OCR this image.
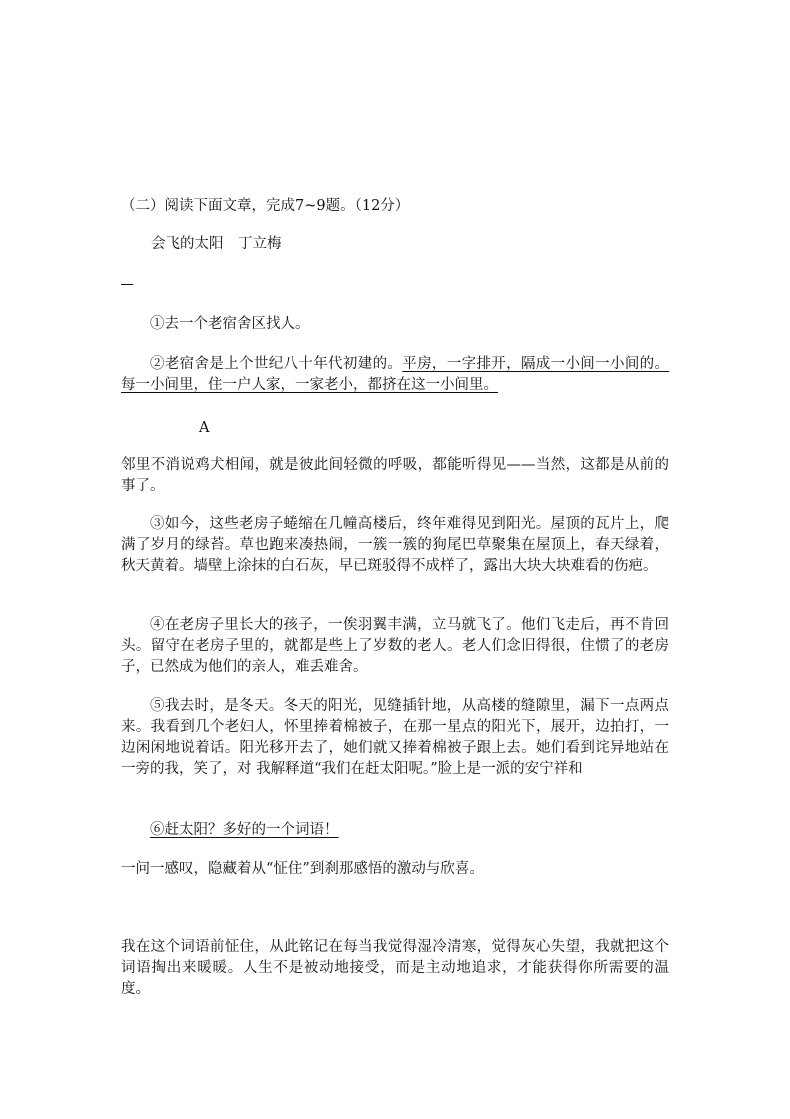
（二）阅读下面文章，完成7~9题。（12分）
会飞的太阳　丁立梅
①去一个老宿舍区找人。
②老宿舍是上个世纪八十年代初建的。平房，一字排开，隔成一小间一小间的。每一小间里，住一户人家，一家老小，都挤在这一小间里。
A
邻里不消说鸡犬相闻，就是彼此间轻微的呼吸，都能听得见——当然，这都是从前的事了。
③如今，这些老房子蜷缩在几幢高楼后，终年难得见到阳光。屋顶的瓦片上，爬满了岁月的绿苔。草也跑来凑热闹，一簇一簇的狗尾巴草聚集在屋顶上，春天绿着，秋天黄着。墙壁上涂抹的白石灰，早已斑驳得不成样了，露出大块大块难看的伤疤。
④在老房子里长大的孩子，一俟羽翼丰满，立马就飞了。他们飞走后，再不肯回头。留守在老房子里的，就都是些上了岁数的老人。老人们念旧得很，住惯了的老房子，已然成为他们的亲人，难丢难舍。
⑤我去时，是冬天。冬天的阳光，见缝插针地，从高楼的缝隙里，漏下一点两点来。我看到几个老妇人，怀里捧着棉被子，在那一星点的阳光下，展开，边拍打，一边闲闲地说着话。阳光移开去了，她们就又捧着棉被子跟上去。她们看到诧异地站在一旁的我，笑了，对 我解释道“我们在赶太阳呢。”脸上是一派的安宁祥和
⑥赶太阳？多好的一个词语！
一问一感叹，隐藏着从“怔住”到刹那感悟的激动与欣喜。
我在这个词语前怔住，从此铭记在每当我觉得湿冷清寒，觉得灰心失望，我就把这个词语掏出来暖暖。人生不是被动地接受，而是主动地追求，才能获得你所需要的温度。
